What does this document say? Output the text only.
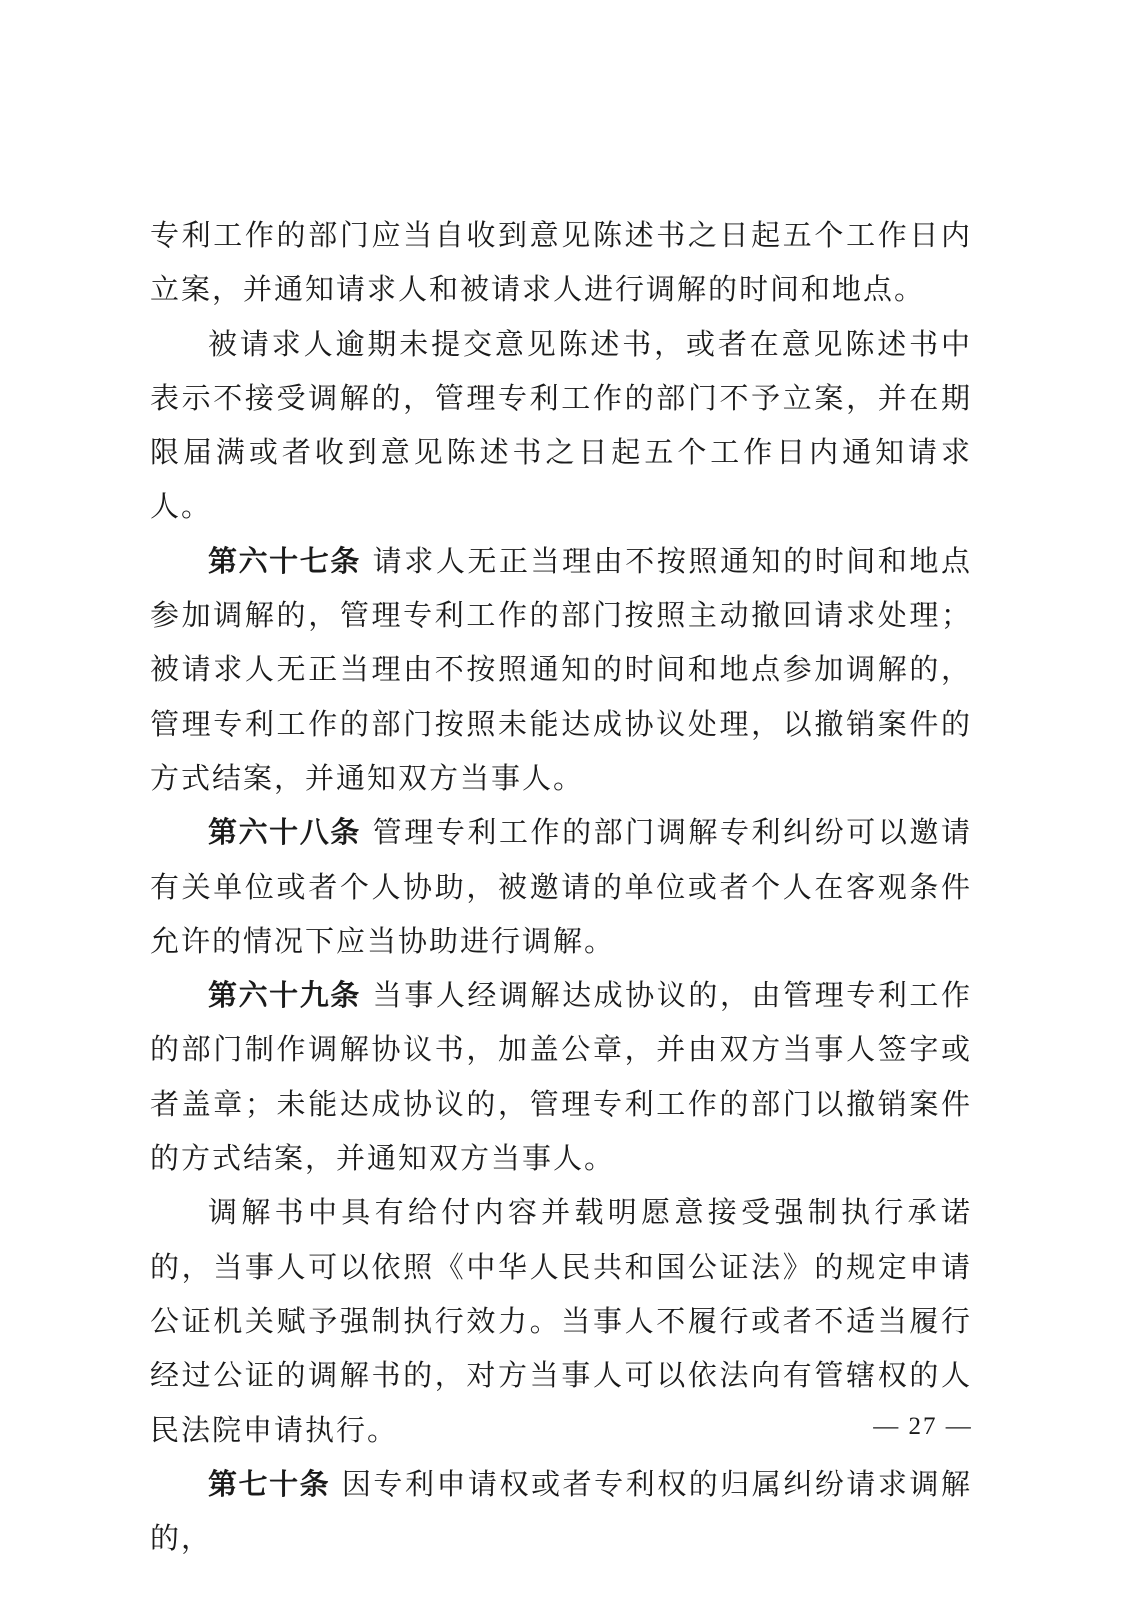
专利工作的部门应当自收到意见陈述书之日起五个工作日内立案，并通知请求人和被请求人进行调解的时间和地点。

被请求人逾期未提交意见陈述书，或者在意见陈述书中表示不接受调解的，管理专利工作的部门不予立案，并在期限届满或者收到意见陈述书之日起五个工作日内通知请求人。

第六十七条 请求人无正当理由不按照通知的时间和地点参加调解的，管理专利工作的部门按照主动撤回请求处理；被请求人无正当理由不按照通知的时间和地点参加调解的，管理专利工作的部门按照未能达成协议处理，以撤销案件的方式结案，并通知双方当事人。

第六十八条 管理专利工作的部门调解专利纠纷可以邀请有关单位或者个人协助，被邀请的单位或者个人在客观条件允许的情况下应当协助进行调解。

第六十九条 当事人经调解达成协议的，由管理专利工作的部门制作调解协议书，加盖公章，并由双方当事人签字或者盖章；未能达成协议的，管理专利工作的部门以撤销案件的方式结案，并通知双方当事人。

调解书中具有给付内容并载明愿意接受强制执行承诺的，当事人可以依照《中华人民共和国公证法》的规定申请公证机关赋予强制执行效力。当事人不履行或者不适当履行经过公证的调解书的，对方当事人可以依法向有管辖权的人民法院申请执行。

第七十条 因专利申请权或者专利权的归属纠纷请求调解的，

— 27 —
